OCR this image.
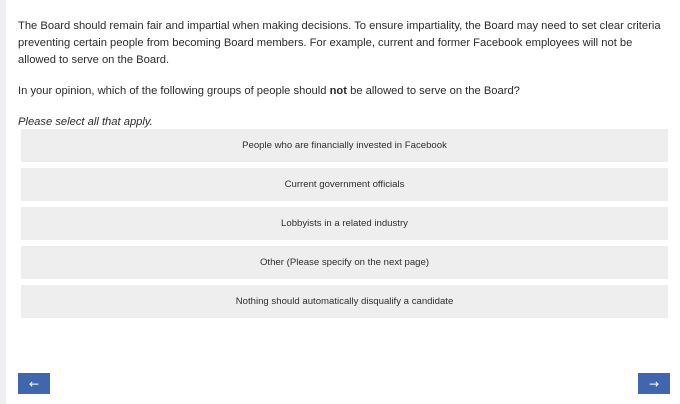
The Board should remain fair and impartial when making decisions. To ensure impartiality, the Board may need to set clear criteria preventing certain people from becoming Board members. For example, current and former Facebook employees will not be allowed to serve on the Board.

In your opinion, which of the following groups of people should not be allowed to serve on the Board?

Please select all that apply.

People who are financially invested in Facebook
Current government officials
Lobbyists in a related industry
Other (Please specify on the next page)
Nothing should automatically disqualify a candidate
←	→
